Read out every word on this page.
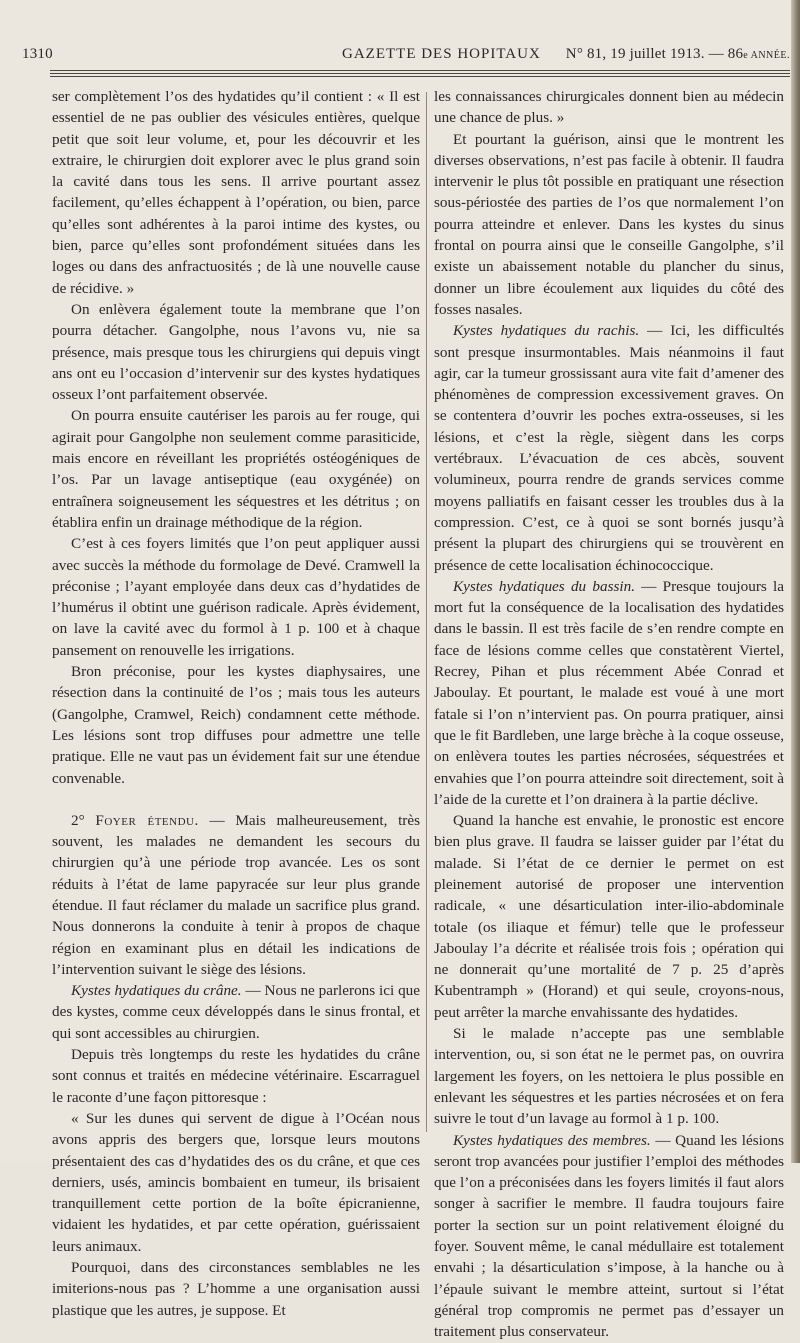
1310	GAZETTE DES HOPITAUX N° 81, 19 juillet 1913. — 86e ANNÉE.

ser complètement l’os des hydatides qu’il contient : « Il est essentiel de ne pas oublier des vésicules entières, quelque petit que soit leur volume, et, pour les découvrir et les extraire, le chirurgien doit explorer avec le plus grand soin la cavité dans tous les sens. Il arrive pourtant assez facilement, qu’elles échappent à l’opération, ou bien, parce qu’elles sont adhérentes à la paroi intime des kystes, ou bien, parce qu’elles sont profondément situées dans les loges ou dans des anfractuosités ; de là une nouvelle cause de récidive. »

On enlèvera également toute la membrane que l’on pourra détacher. Gangolphe, nous l’avons vu, nie sa présence, mais presque tous les chirurgiens qui depuis vingt ans ont eu l’occasion d’intervenir sur des kystes hydatiques osseux l’ont parfaitement observée.

On pourra ensuite cautériser les parois au fer rouge, qui agirait pour Gangolphe non seulement comme parasiticide, mais encore en réveillant les propriétés ostéogéniques de l’os. Par un lavage antiseptique (eau oxygénée) on entraînera soigneusement les séquestres et les détritus ; on établira enfin un drainage méthodique de la région.

C’est à ces foyers limités que l’on peut appliquer aussi avec succès la méthode du formolage de Devé. Cramwell la préconise ; l’ayant employée dans deux cas d’hydatides de l’humérus il obtint une guérison radicale. Après évidement, on lave la cavité avec du formol à 1 p. 100 et à chaque pansement on renouvelle les irrigations.

Bron préconise, pour les kystes diaphysaires, une résection dans la continuité de l’os ; mais tous les auteurs (Gangolphe, Cramwel, Reich) condamnent cette méthode. Les lésions sont trop diffuses pour admettre une telle pratique. Elle ne vaut pas un évidement fait sur une étendue convenable.

2° Foyer étendu. — Mais malheureusement, très souvent, les malades ne demandent les secours du chirurgien qu’à une période trop avancée. Les os sont réduits à l’état de lame papyracée sur leur plus grande étendue. Il faut réclamer du malade un sacrifice plus grand. Nous donnerons la conduite à tenir à propos de chaque région en examinant plus en détail les indications de l’intervention suivant le siège des lésions.

Kystes hydatiques du crâne. — Nous ne parlerons ici que des kystes, comme ceux développés dans le sinus frontal, et qui sont accessibles au chirurgien.

Depuis très longtemps du reste les hydatides du crâne sont connus et traités en médecine vétérinaire. Escarraguel le raconte d’une façon pittoresque :

« Sur les dunes qui servent de digue à l’Océan nous avons appris des bergers que, lorsque leurs moutons présentaient des cas d’hydatides des os du crâne, et que ces derniers, usés, amincis bombaient en tumeur, ils brisaient tranquillement cette portion de la boîte épicranienne, vidaient les hydatides, et par cette opération, guérissaient leurs animaux.

Pourquoi, dans des circonstances semblables ne les imiterions-nous pas ? L’homme a une organisation aussi plastique que les autres, je suppose. Et

les connaissances chirurgicales donnent bien au médecin une chance de plus. »

Et pourtant la guérison, ainsi que le montrent les diverses observations, n’est pas facile à obtenir. Il faudra intervenir le plus tôt possible en pratiquant une résection sous-périostée des parties de l’os que normalement l’on pourra atteindre et enlever. Dans les kystes du sinus frontal on pourra ainsi que le conseille Gangolphe, s’il existe un abaissement notable du plancher du sinus, donner un libre écoulement aux liquides du côté des fosses nasales.

Kystes hydatiques du rachis. — Ici, les difficultés sont presque insurmontables. Mais néanmoins il faut agir, car la tumeur grossissant aura vite fait d’amener des phénomènes de compression excessivement graves. On se contentera d’ouvrir les poches extra-osseuses, si les lésions, et c’est la règle, siègent dans les corps vertébraux. L’évacuation de ces abcès, souvent volumineux, pourra rendre de grands services comme moyens palliatifs en faisant cesser les troubles dus à la compression. C’est, ce à quoi se sont bornés jusqu’à présent la plupart des chirurgiens qui se trouvèrent en présence de cette localisation échinococcique.

Kystes hydatiques du bassin. — Presque toujours la mort fut la conséquence de la localisation des hydatides dans le bassin. Il est très facile de s’en rendre compte en face de lésions comme celles que constatèrent Viertel, Recrey, Pihan et plus récemment Abée Conrad et Jaboulay. Et pourtant, le malade est voué à une mort fatale si l’on n’intervient pas. On pourra pratiquer, ainsi que le fit Bardleben, une large brèche à la coque osseuse, on enlèvera toutes les parties nécrosées, séquestrées et envahies que l’on pourra atteindre soit directement, soit à l’aide de la curette et l’on drainera à la partie déclive.

Quand la hanche est envahie, le pronostic est encore bien plus grave. Il faudra se laisser guider par l’état du malade. Si l’état de ce dernier le permet on est pleinement autorisé de proposer une intervention radicale, « une désarticulation inter-ilio-abdominale totale (os iliaque et fémur) telle que le professeur Jaboulay l’a décrite et réalisée trois fois ; opération qui ne donnerait qu’une mortalité de 7 p. 25 d’après Kubentramph » (Horand) et qui seule, croyons-nous, peut arrêter la marche envahissante des hydatides.

Si le malade n’accepte pas une semblable intervention, ou, si son état ne le permet pas, on ouvrira largement les foyers, on les nettoiera le plus possible en enlevant les séquestres et les parties nécrosées et on fera suivre le tout d’un lavage au formol à 1 p. 100.

Kystes hydatiques des membres. — Quand les lésions seront trop avancées pour justifier l’emploi des méthodes que l’on a préconisées dans les foyers limités il faut alors songer à sacrifier le membre. Il faudra toujours faire porter la section sur un point relativement éloigné du foyer. Souvent même, le canal médullaire est totalement envahi ; la désarticulation s’impose, à la hanche ou à l’épaule suivant le membre atteint, surtout si l’état général trop compromis ne permet pas d’essayer un traitement plus conservateur.
